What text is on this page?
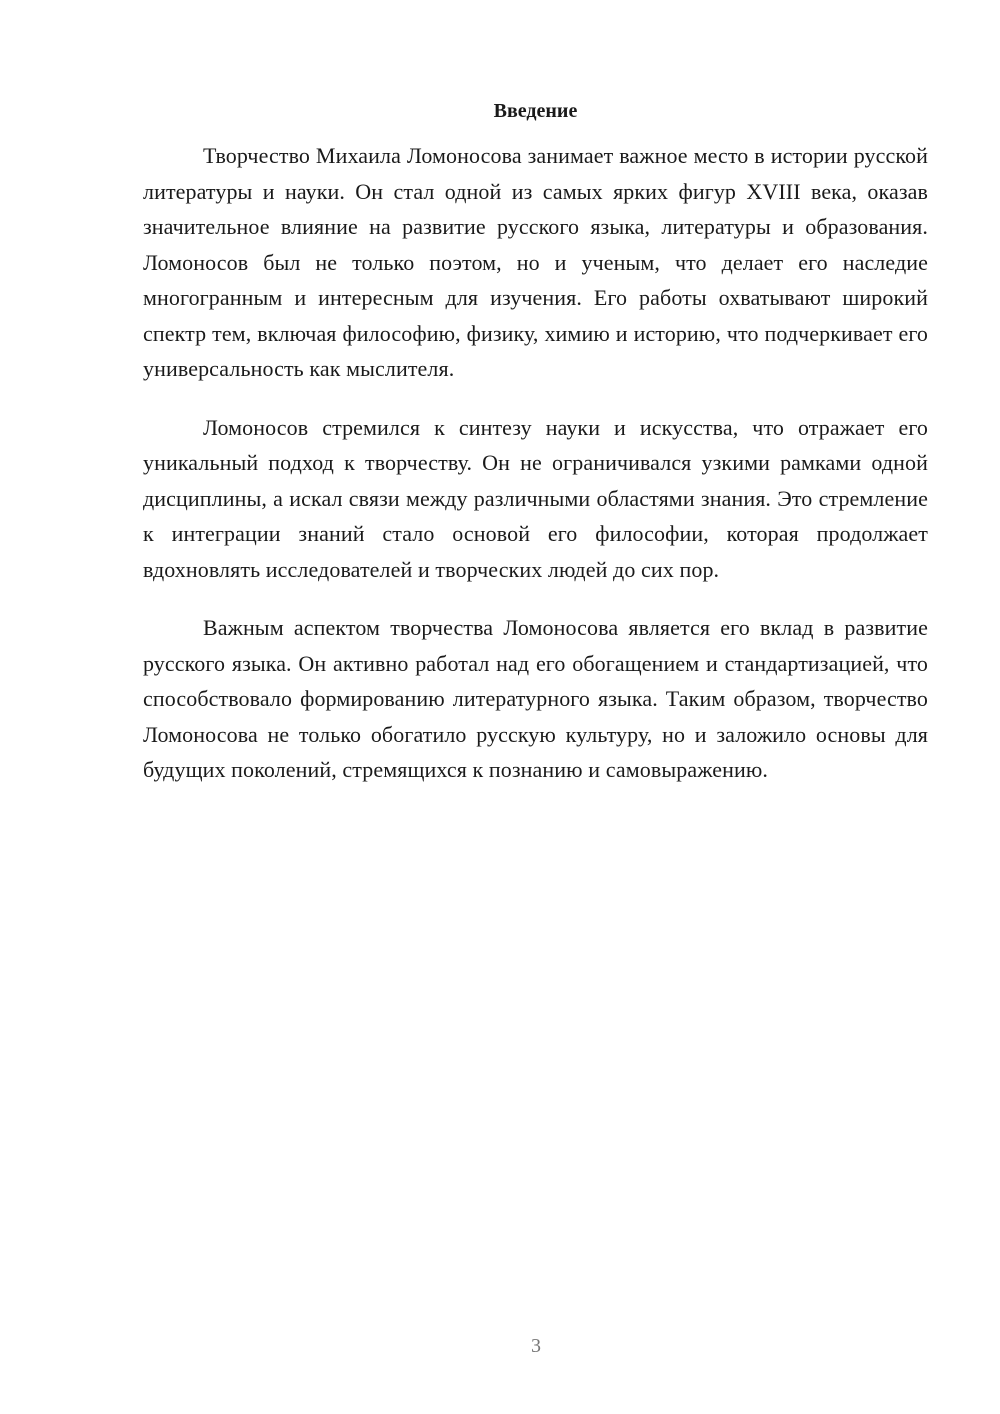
Введение

Творчество Михаила Ломоносова занимает важное место в истории русской литературы и науки. Он стал одной из самых ярких фигур XVIII века, оказав значительное влияние на развитие русского языка, литературы и образования. Ломоносов был не только поэтом, но и ученым, что делает его наследие многогранным и интересным для изучения. Его работы охватывают широкий спектр тем, включая философию, физику, химию и историю, что подчеркивает его универсальность как мыслителя.

Ломоносов стремился к синтезу науки и искусства, что отражает его уникальный подход к творчеству. Он не ограничивался узкими рамками одной дисциплины, а искал связи между различными областями знания. Это стремление к интеграции знаний стало основой его философии, которая продолжает вдохновлять исследователей и творческих людей до сих пор.

Важным аспектом творчества Ломоносова является его вклад в развитие русского языка. Он активно работал над его обогащением и стандартизацией, что способствовало формированию литературного языка. Таким образом, творчество Ломоносова не только обогатило русскую культуру, но и заложило основы для будущих поколений, стремящихся к познанию и самовыражению.

3
